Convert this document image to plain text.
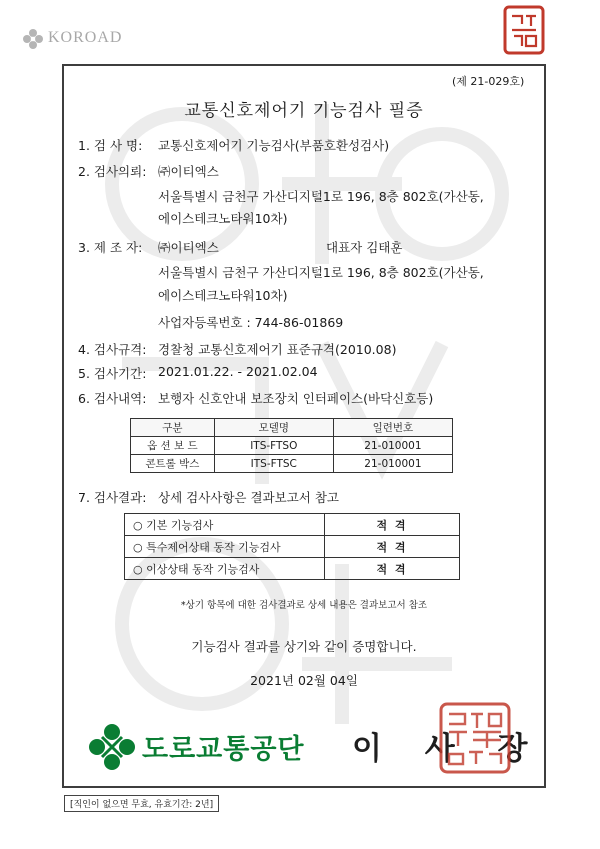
KOROAD
(제 21-029호)
교통신호제어기 기능검사 필증
1. 검 사 명: 교통신호제어기 기능검사(부품호환성검사)
2. 검사의뢰: ㈜이티엑스
서울특별시 금천구 가산디지털1로 196, 8층 802호(가산동,
에이스테크노타워10차)
3. 제 조 자: ㈜이티엑스	대표자 김태훈
서울특별시 금천구 가산디지털1로 196, 8층 802호(가산동,
에이스테크노타워10차)
사업자등록번호 : 744-86-01869
4. 검사규격: 경찰청 교통신호제어기 표준규격(2010.08)
5. 검사기간: 2021.01.22. - 2021.02.04
6. 검사내역: 보행자 신호안내 보조장치 인터페이스(바닥신호등)
구분	모델명	일련번호
옵 션 보 드	ITS-FTSO	21-010001
콘트롤 박스	ITS-FTSC	21-010001
7. 검사결과: 상세 검사사항은 결과보고서 참고
○ 기본 기능검사	적 격
○ 특수제어상태 동작 기능검사	적 격
○ 이상상태 동작 기능검사	적 격
*상기 항목에 대한 검사결과로 상세 내용은 결과보고서 참조
기능검사 결과를 상기와 같이 증명합니다.
2021년 02월 04일
도로교통공단 이 사 장
[직인이 없으면 무효, 유효기간: 2년]
